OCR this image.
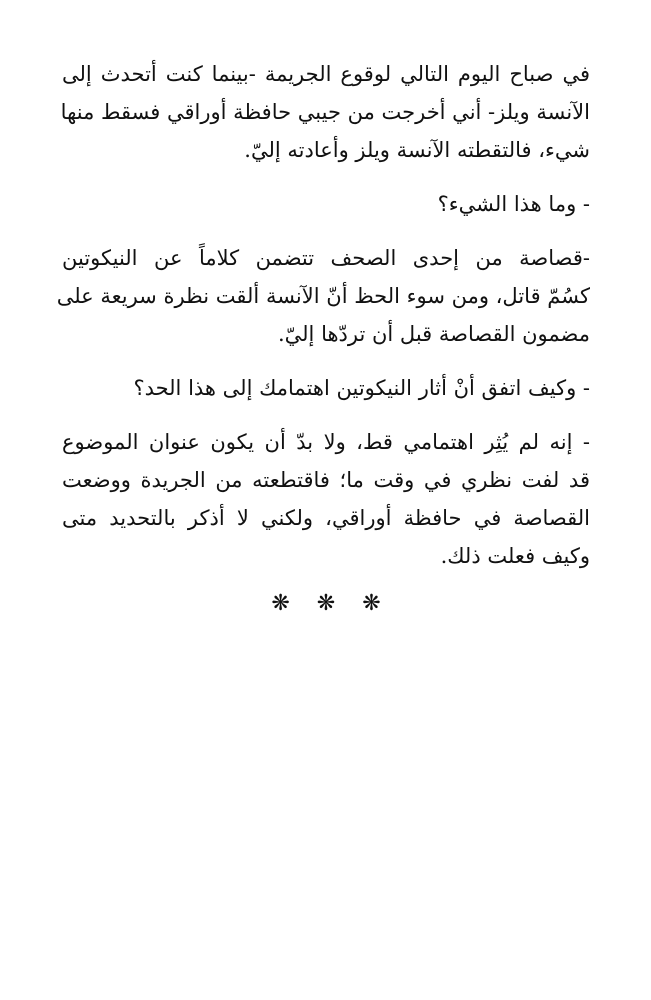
في صباح اليوم التالي لوقوع الجريمة -بينما كنت أتحدث إلى
الآنسة ويلز- أني أخرجت من جيبي حافظة أوراقي فسقط منها
شيء، فالتقطته الآنسة ويلز وأعادته إليّ.
- وما هذا الشيء؟
-قصاصة من إحدى الصحف تتضمن كلاماً عن النيكوتين
كسُمّ قاتل، ومن سوء الحظ أنّ الآنسة ألقت نظرة سريعة على
مضمون القصاصة قبل أن تردّها إليّ.
- وكيف اتفق أنْ أثار النيكوتين اهتمامك إلى هذا الحد؟
- إنه لم يُثِر اهتمامي قط، ولا بدّ أن يكون عنوان الموضوع
قد لفت نظري في وقت ما؛ فاقتطعته من الجريدة ووضعت
القصاصة في حافظة أوراقي، ولكني لا أذكر بالتحديد متى
وكيف فعلت ذلك.
❋ ❋ ❋
